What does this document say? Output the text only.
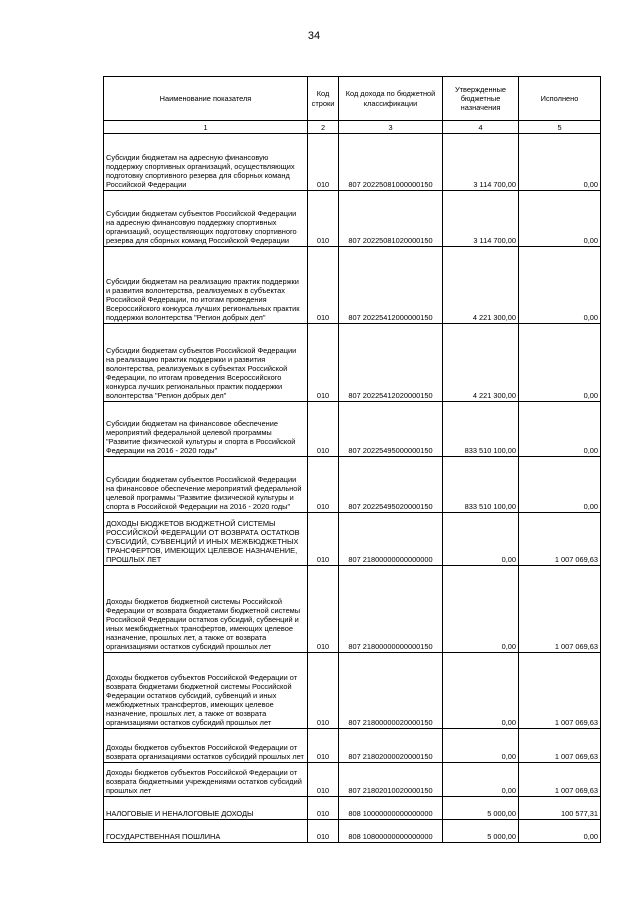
34
Наименование показателя	Код строки	Код дохода по бюджетной классификации	Утвержденные бюджетные назначения	Исполнено
1	2	3	4	5
Субсидии бюджетам на адресную финансовую поддержку спортивных организаций, осуществляющих подготовку спортивного резерва для сборных команд Российской Федерации	010	807 20225081000000150	3 114 700,00	0,00
Субсидии бюджетам субъектов Российской Федерации на адресную финансовую поддержку спортивных организаций, осуществляющих подготовку спортивного резерва для сборных команд Российской Федерации	010	807 20225081020000150	3 114 700,00	0,00
Субсидии бюджетам на реализацию практик поддержки и развития волонтерства, реализуемых в субъектах Российской Федерации, по итогам проведения Всероссийского конкурса лучших региональных практик поддержки волонтерства "Регион добрых дел"	010	807 20225412000000150	4 221 300,00	0,00
Субсидии бюджетам субъектов Российской Федерации на реализацию практик поддержки и развития волонтерства, реализуемых в субъектах Российской Федерации, по итогам проведения Всероссийского конкурса лучших региональных практик поддержки волонтерства "Регион добрых дел"	010	807 20225412020000150	4 221 300,00	0,00
Субсидии бюджетам на финансовое обеспечение мероприятий федеральной целевой программы "Развитие физической культуры и спорта в Российской Федерации на 2016 - 2020 годы"	010	807 20225495000000150	833 510 100,00	0,00
Субсидии бюджетам субъектов Российской Федерации на финансовое обеспечение мероприятий федеральной целевой программы "Развитие физической культуры и спорта в Российской Федерации на 2016 - 2020 годы"	010	807 20225495020000150	833 510 100,00	0,00
ДОХОДЫ БЮДЖЕТОВ БЮДЖЕТНОЙ СИСТЕМЫ РОССИЙСКОЙ ФЕДЕРАЦИИ ОТ ВОЗВРАТА ОСТАТКОВ СУБСИДИЙ, СУБВЕНЦИЙ И ИНЫХ МЕЖБЮДЖЕТНЫХ ТРАНСФЕРТОВ, ИМЕЮЩИХ ЦЕЛЕВОЕ НАЗНАЧЕНИЕ, ПРОШЛЫХ ЛЕТ	010	807 21800000000000000	0,00	1 007 069,63
Доходы бюджетов бюджетной системы Российской Федерации от возврата бюджетами бюджетной системы Российской Федерации остатков субсидий, субвенций и иных межбюджетных трансфертов, имеющих целевое назначение, прошлых лет, а также от возврата организациями остатков субсидий прошлых лет	010	807 21800000000000150	0,00	1 007 069,63
Доходы бюджетов субъектов Российской Федерации от возврата бюджетами бюджетной системы Российской Федерации остатков субсидий, субвенций и иных межбюджетных трансфертов, имеющих целевое назначение, прошлых лет, а также от возврата организациями остатков субсидий прошлых лет	010	807 21800000020000150	0,00	1 007 069,63
Доходы бюджетов субъектов Российской Федерации от возврата организациями остатков субсидий прошлых лет	010	807 21802000020000150	0,00	1 007 069,63
Доходы бюджетов субъектов Российской Федерации от возврата бюджетными учреждениями остатков субсидий прошлых лет	010	807 21802010020000150	0,00	1 007 069,63
НАЛОГОВЫЕ И НЕНАЛОГОВЫЕ ДОХОДЫ	010	808 10000000000000000	5 000,00	100 577,31
ГОСУДАРСТВЕННАЯ ПОШЛИНА	010	808 10800000000000000	5 000,00	0,00
